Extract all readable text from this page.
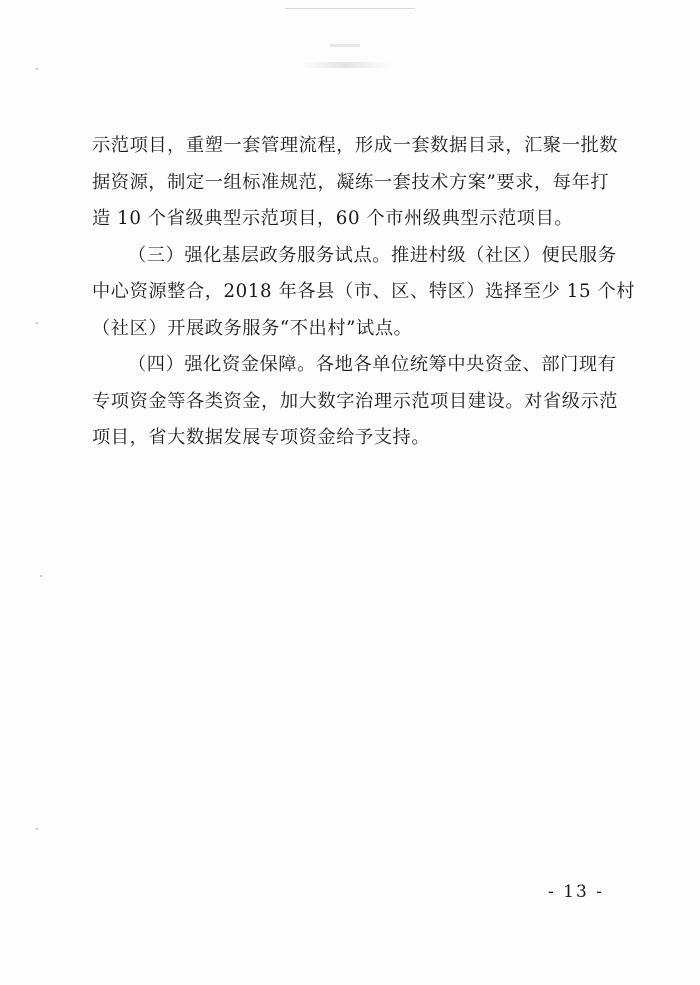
示范项目，重塑一套管理流程，形成一套数据目录，汇聚一批数
据资源，制定一组标准规范，凝练一套技术方案”要求，每年打
造 10 个省级典型示范项目，60 个市州级典型示范项目。
（三）强化基层政务服务试点。推进村级（社区）便民服务
中心资源整合，2018 年各县（市、区、特区）选择至少 15 个村
（社区）开展政务服务“不出村”试点。
（四）强化资金保障。各地各单位统筹中央资金、部门现有
专项资金等各类资金，加大数字治理示范项目建设。对省级示范
项目，省大数据发展专项资金给予支持。
- 13 -
